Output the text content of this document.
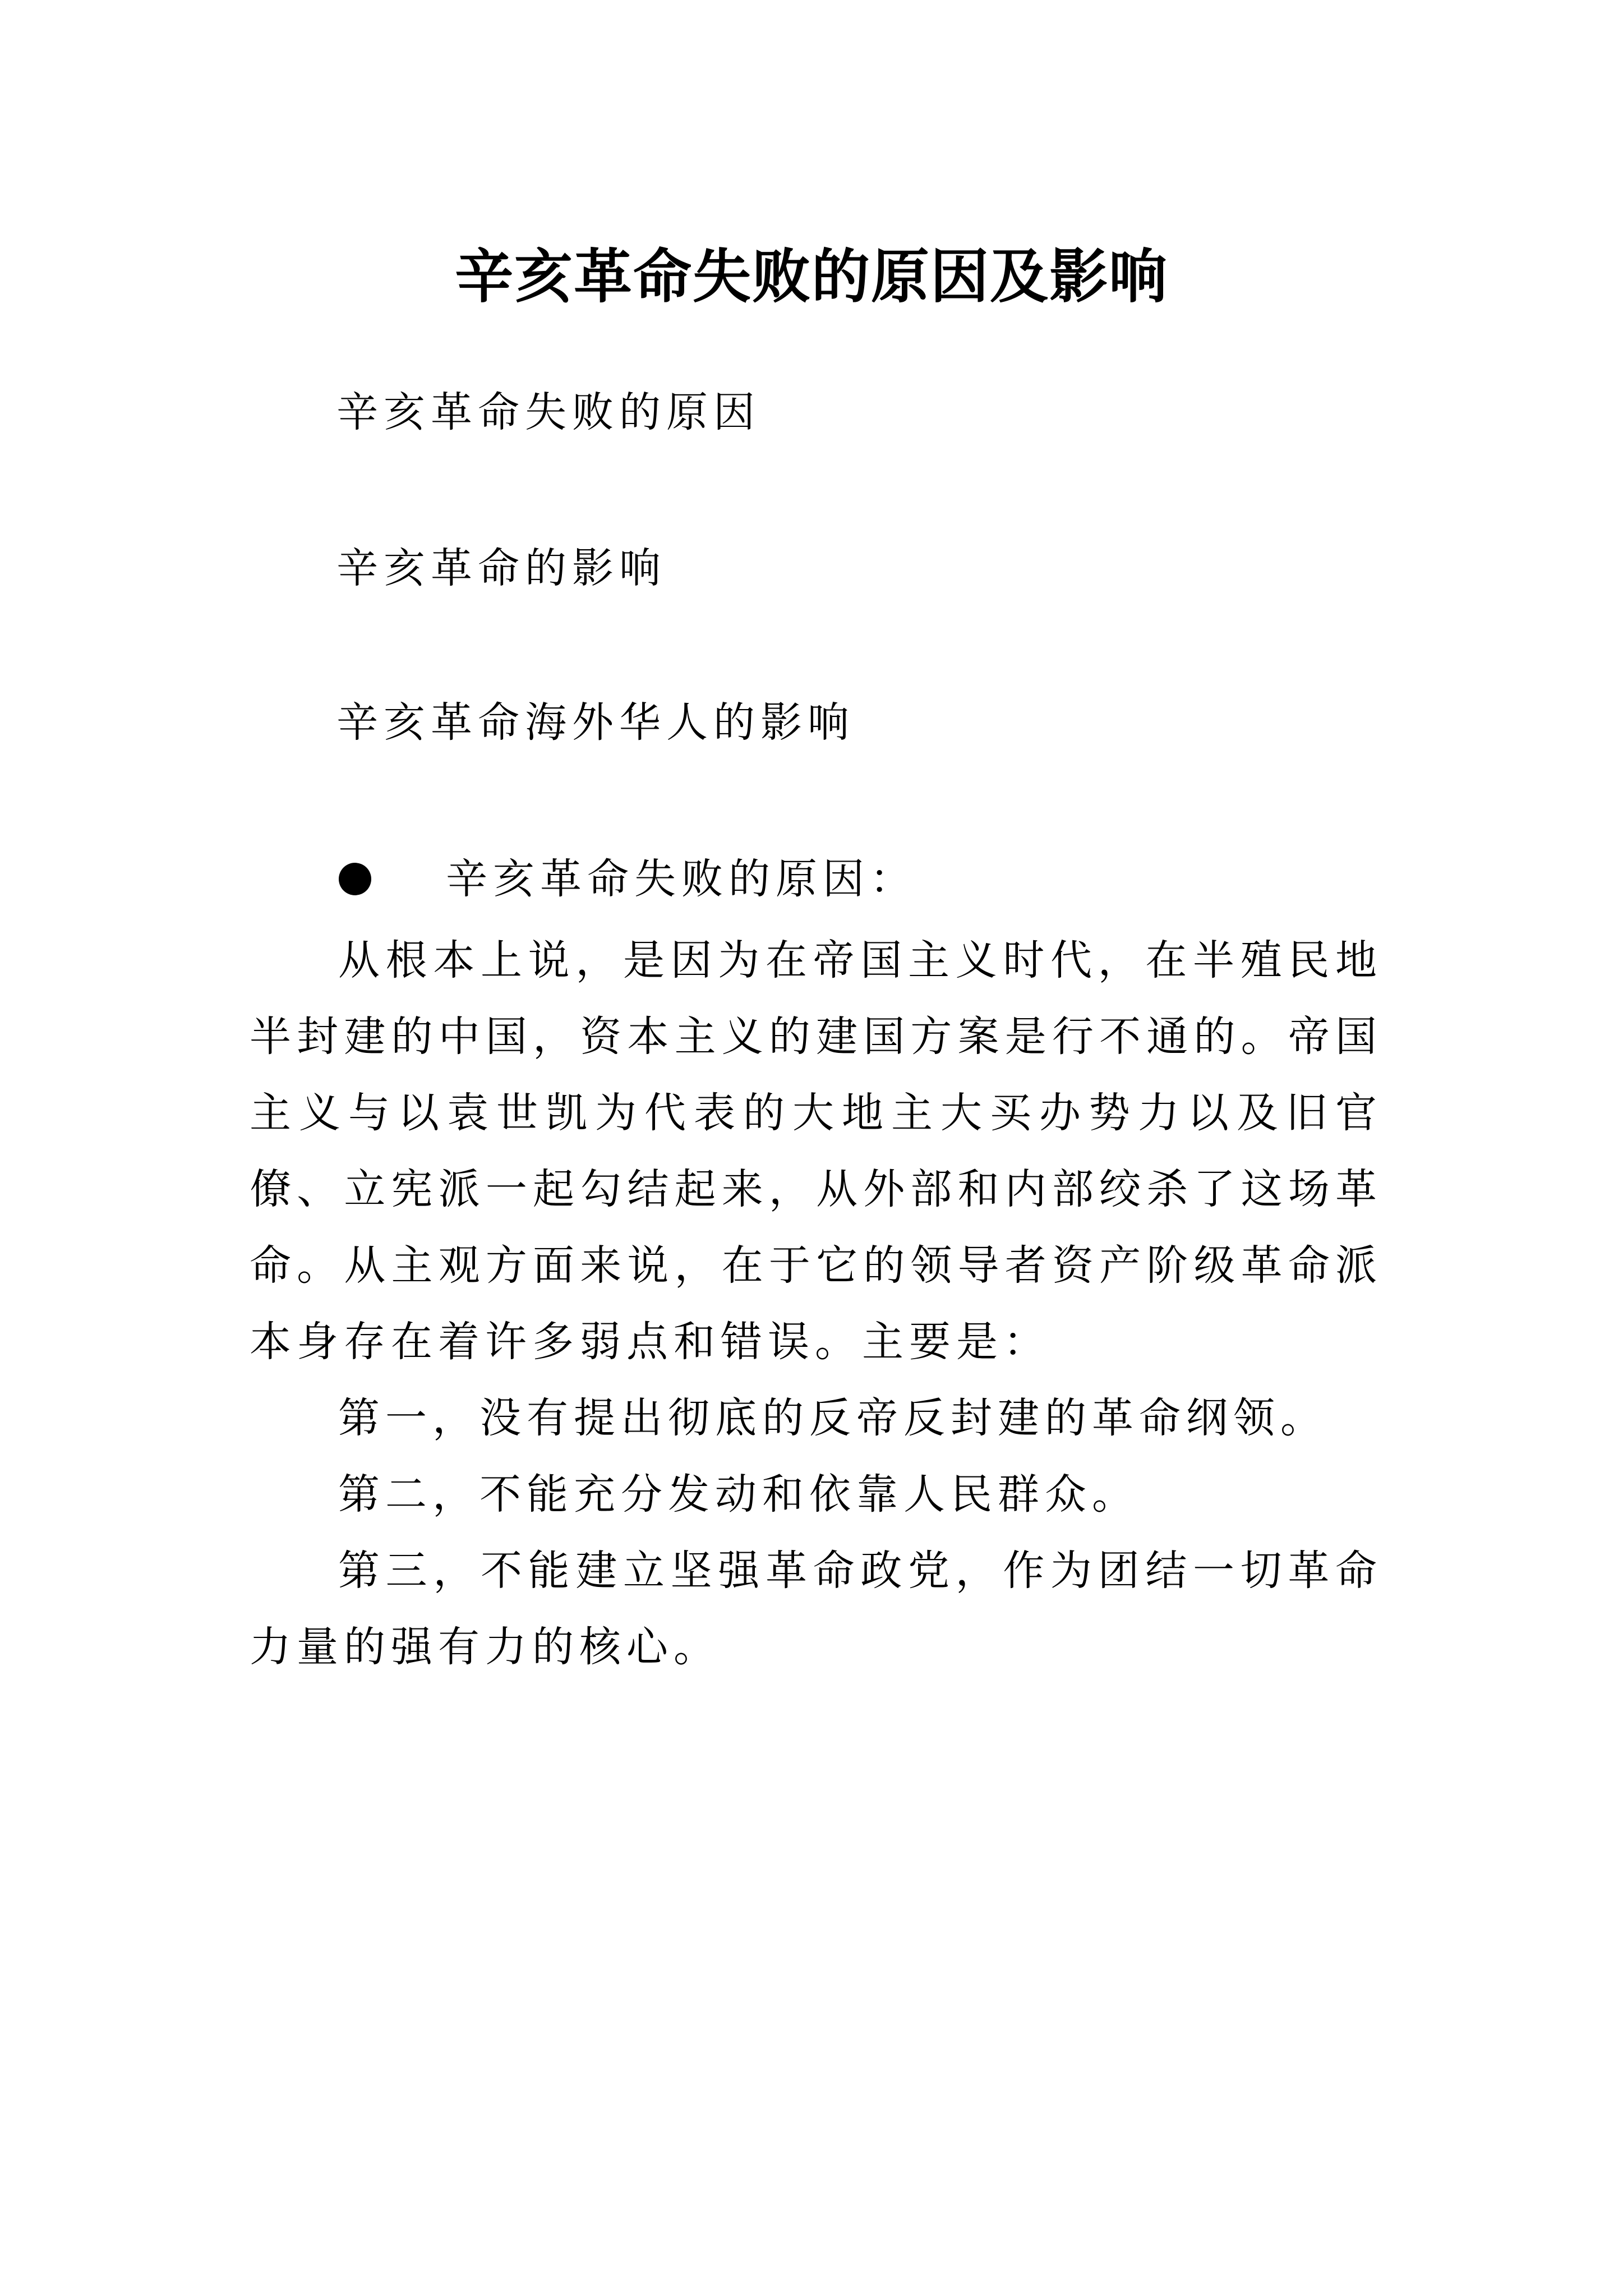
辛亥革命失败的原因及影响
辛亥革命失败的原因
辛亥革命的影响
辛亥革命海外华人的影响
辛亥革命失败的原因：

从根本上说，是因为在帝国主义时代，在半殖民地半封建的中国，资本主义的建国方案是行不通的。帝国主义与以袁世凯为代表的大地主大买办势力以及旧官僚、立宪派一起勾结起来，从外部和内部绞杀了这场革命。从主观方面来说，在于它的领导者资产阶级革命派本身存在着许多弱点和错误。主要是：

第一，没有提出彻底的反帝反封建的革命纲领。

第二，不能充分发动和依靠人民群众。

第三，不能建立坚强革命政党，作为团结一切革命力量的强有力的核心。
